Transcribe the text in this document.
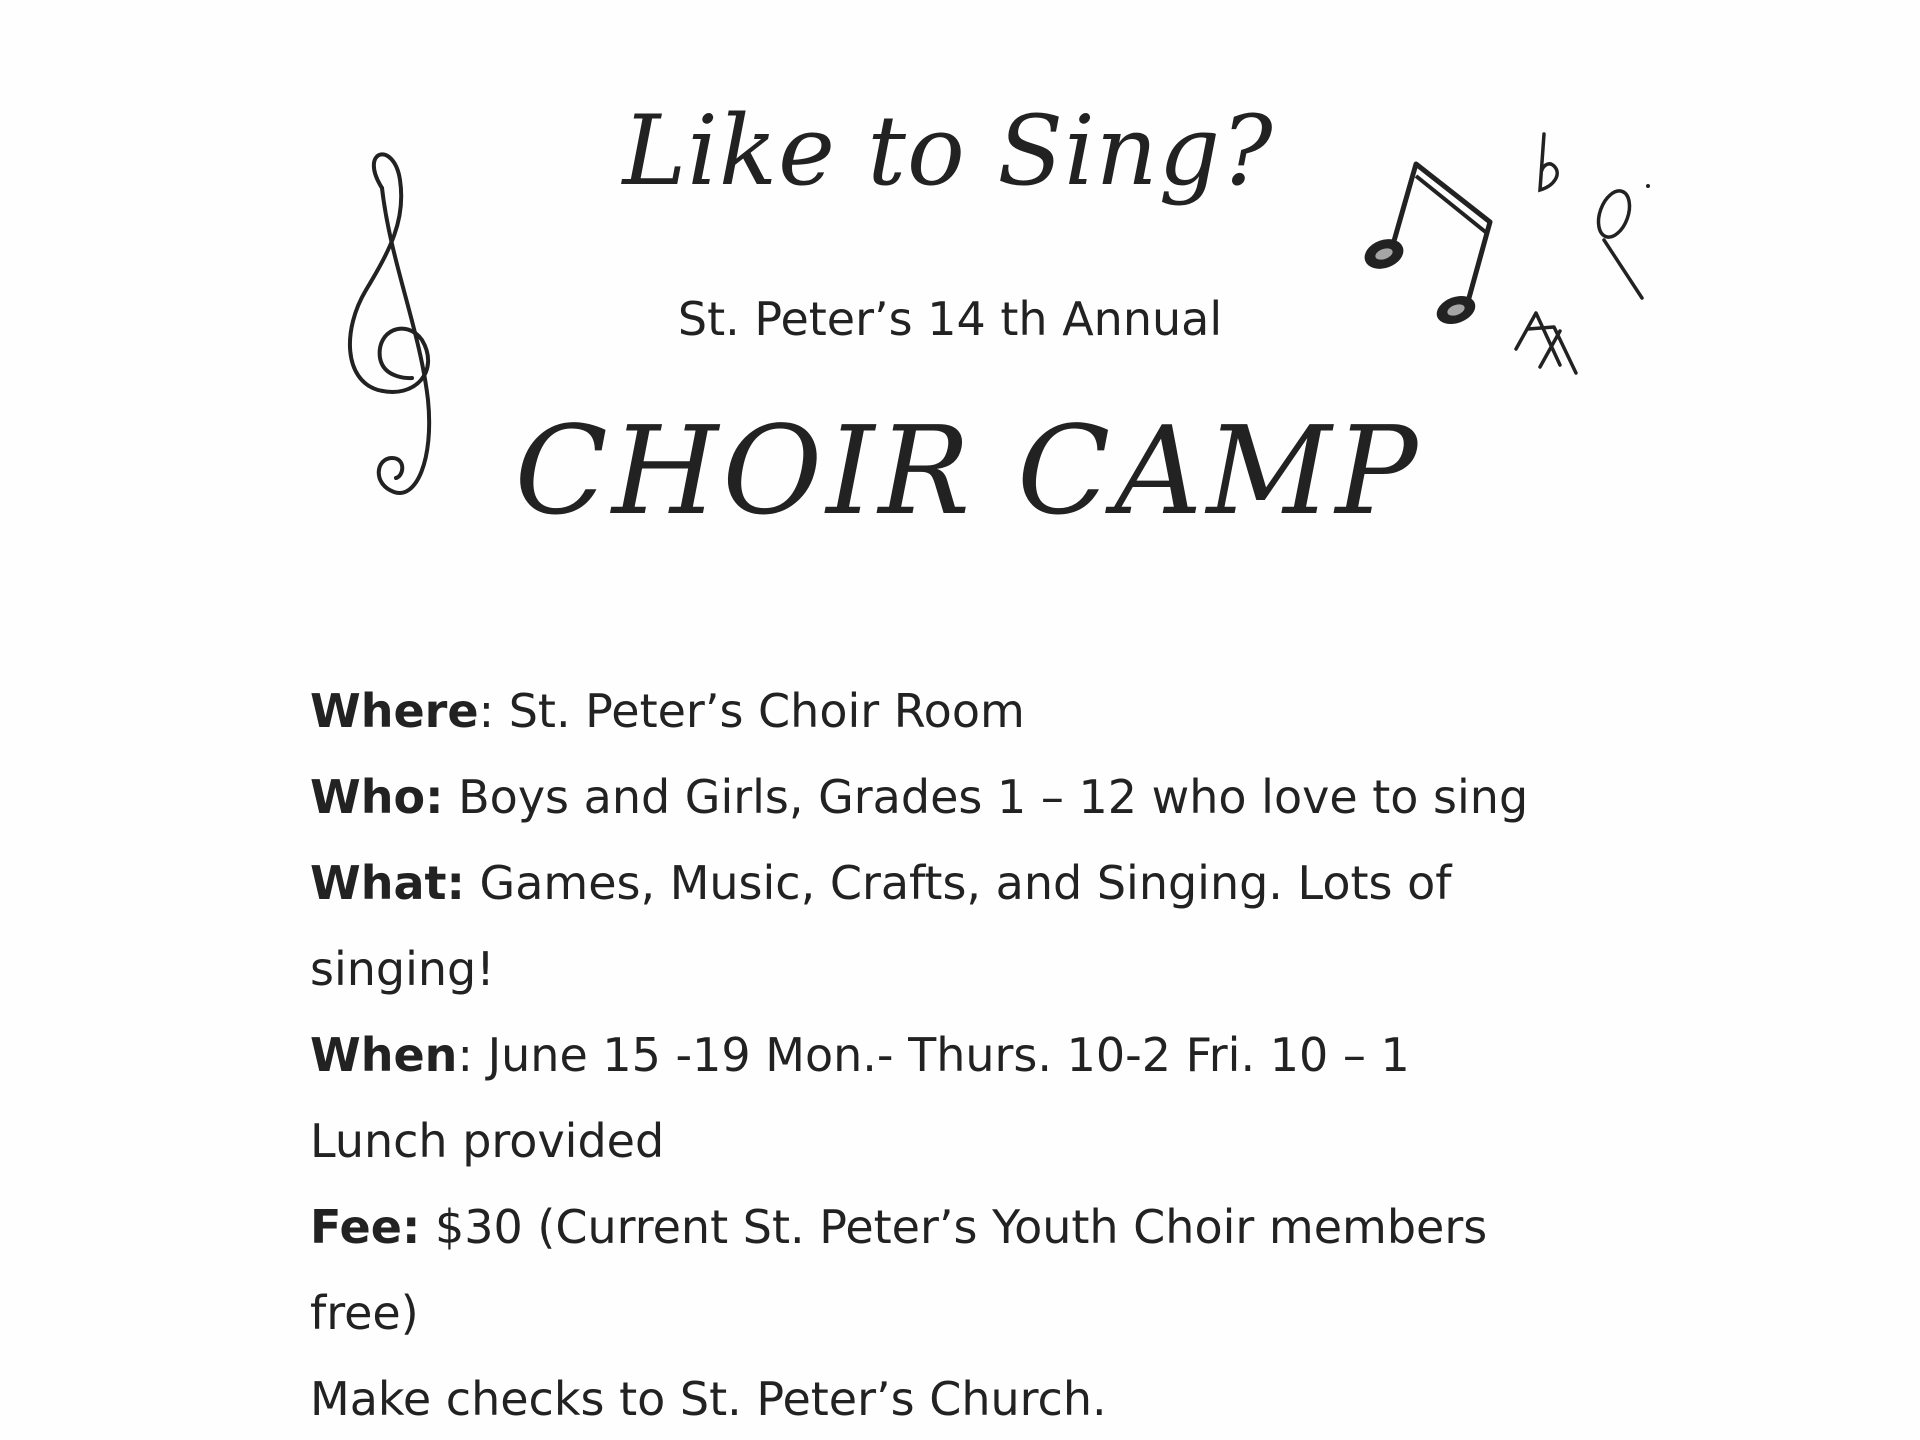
Like to Sing?
St. Peter’s 14 th Annual
CHOIR CAMP

Where: St. Peter’s Choir Room

Who: Boys and Girls, Grades 1 – 12 who love to sing

What: Games, Music, Crafts, and Singing. Lots of
singing!

When: June 15 -19 Mon.- Thurs. 10-2 Fri. 10 – 1
Lunch provided

Fee: $30 (Current St. Peter’s Youth Choir members free)
Make checks to St. Peter’s Church.
